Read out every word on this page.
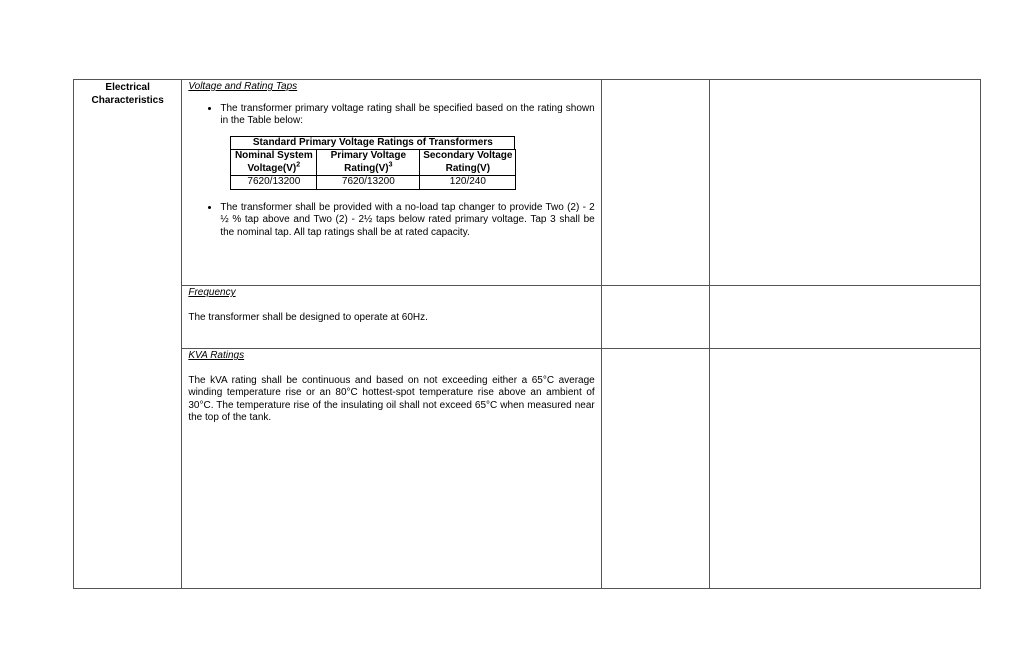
Electrical
Characteristics

Voltage and Rating Taps
• The transformer primary voltage rating shall be specified based on the rating shown in the Table below:
Standard Primary Voltage Ratings of Transformers
Nominal System $Voltage(V)^2$	Primary Voltage $Rating(V)^3$	Secondary Voltage Rating(V)
7620/13200	7620/13200	120/240
• The transformer shall be provided with a no-load tap changer to provide Two (2) - 2 ½ % tap above and Two (2) - 2½ taps below rated primary voltage. Tap 3 shall be the nominal tap. All tap ratings shall be at rated capacity.

Frequency

The transformer shall be designed to operate at 60Hz.

KVA Ratings

The kVA rating shall be continuous and based on not exceeding either a 65°C average winding temperature rise or an 80°C hottest-spot temperature rise above an ambient of 30°C. The temperature rise of the insulating oil shall not exceed 65°C when measured near the top of the tank.
